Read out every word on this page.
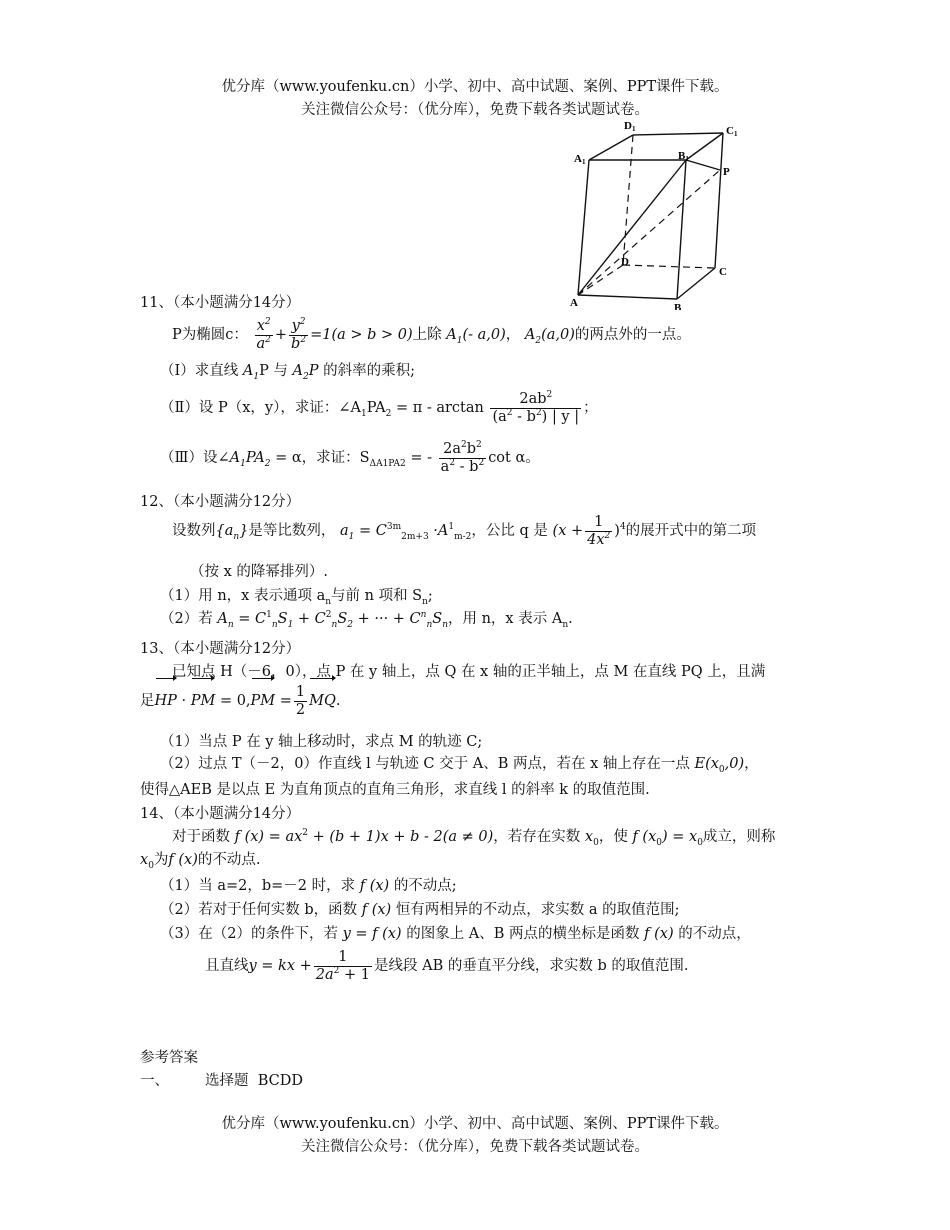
优分库（www.youfenku.cn）小学、初中、高中试题、案例、PPT课件下载。
关注微信公众号：（优分库），免费下载各类试题试卷。
D1	C1
A1	B1
P
D
C
A	B
11、（本小题满分14分）
P为椭圆c： $\frac{x^2}{a^2} + \frac{y^2}{b^2} =1(a > b > 0)$上除 $A_1(-$ a,0)， $A_2(a,0)$的两点外的一点。
（Ⅰ）求直线 $A_1P$ 与 $A_2P$ 的斜率的乘积;
（Ⅱ）设 P（x，y），求证：$\angle A_1PA_2 = \pi - \arctan \frac{2ab^2}{(a^2 - b^2) | y |}$ ；
（Ⅲ）设$\angle A_1PA_2 = \alpha$，求证：$S_{\Delta A1PA2}$ = - $\frac{2a^2b^2}{a^2 - b^2}$ cot α。
12、（本小题满分12分）
设数列$\{a_n\}$是等比数列， $a_1 = C^{3m}_{2m+3} \cdot A^1_{m-2}$，公比 q 是 $(x + \frac{1}{4x^2} )^4$的展开式中的第二项
（按 x 的降幂排列）.
（1）用 n，x 表示通项 $a_n$与前 n 项和 $S_n$;
（2）若 $A_n = C^1_nS_1 + C^2_nS_2$ + ··· + $C^n_nS_n$，用 n，x 表示 $A_n$.
13、（本小题满分12分）
已知点 H（－6，0），点 P 在 y 轴上，点 Q 在 x 轴的正半轴上，点 M 在直线 PQ 上，且满
足HP · PM = $0,PM = \frac{1}{2}$ MQ.
（1）当点 P 在 y 轴上移动时，求点 M 的轨迹 C;
（2）过点 T（－2，0）作直线 l 与轨迹 C 交于 A、B 两点，若在 x 轴上存在一点 $E(x_0,0)$，
使得△AEB 是以点 E 为直角顶点的直角三角形，求直线 l 的斜率 k 的取值范围.
14、（本小题满分14分）
对于函数 f $(x) = ax^2 + (b + 1)x + b - 2(a \ne 0)$，若存在实数 $x_0$，使 f $(x_0) = x_0$成立，则称
$x_0$为f (x)的不动点.
（1）当 a=2，b=－2 时，求 f (x) 的不动点;
（2）若对于任何实数 b，函数 f (x) 恒有两相异的不动点，求实数 a 的取值范围;
（3）在（2）的条件下，若 y = f (x) 的图象上 A、B 两点的横坐标是函数 f (x) 的不动点，
且直线y = kx + $\frac{1}{2a^2 + 1}$ 是线段 AB 的垂直平分线，求实数 b 的取值范围.
参考答案
一、 选择题 BCDD
优分库（www.youfenku.cn）小学、初中、高中试题、案例、PPT课件下载。
关注微信公众号：（优分库），免费下载各类试题试卷。
